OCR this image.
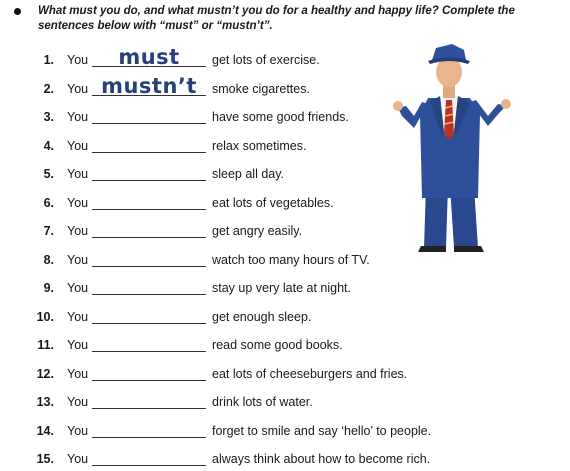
What must you do, and what mustn’t you do for a healthy and happy life? Complete the sentences below with “must” or “mustn’t”.
1. You	must	get lots of exercise.
2. You mustn’t	smoke cigarettes.
3. You	have some good friends.
4. You	relax sometimes.
5. You	sleep all day.
6. You	eat lots of vegetables.
7. You	get angry easily.
8. You	watch too many hours of TV.
9. You	stay up very late at night.
10. You	get enough sleep.
11. You	read some good books.
12. You	eat lots of cheeseburgers and fries.
13. You	drink lots of water.
14. You	forget to smile and say ‘hello’ to people.
15. You	always think about how to become rich.
